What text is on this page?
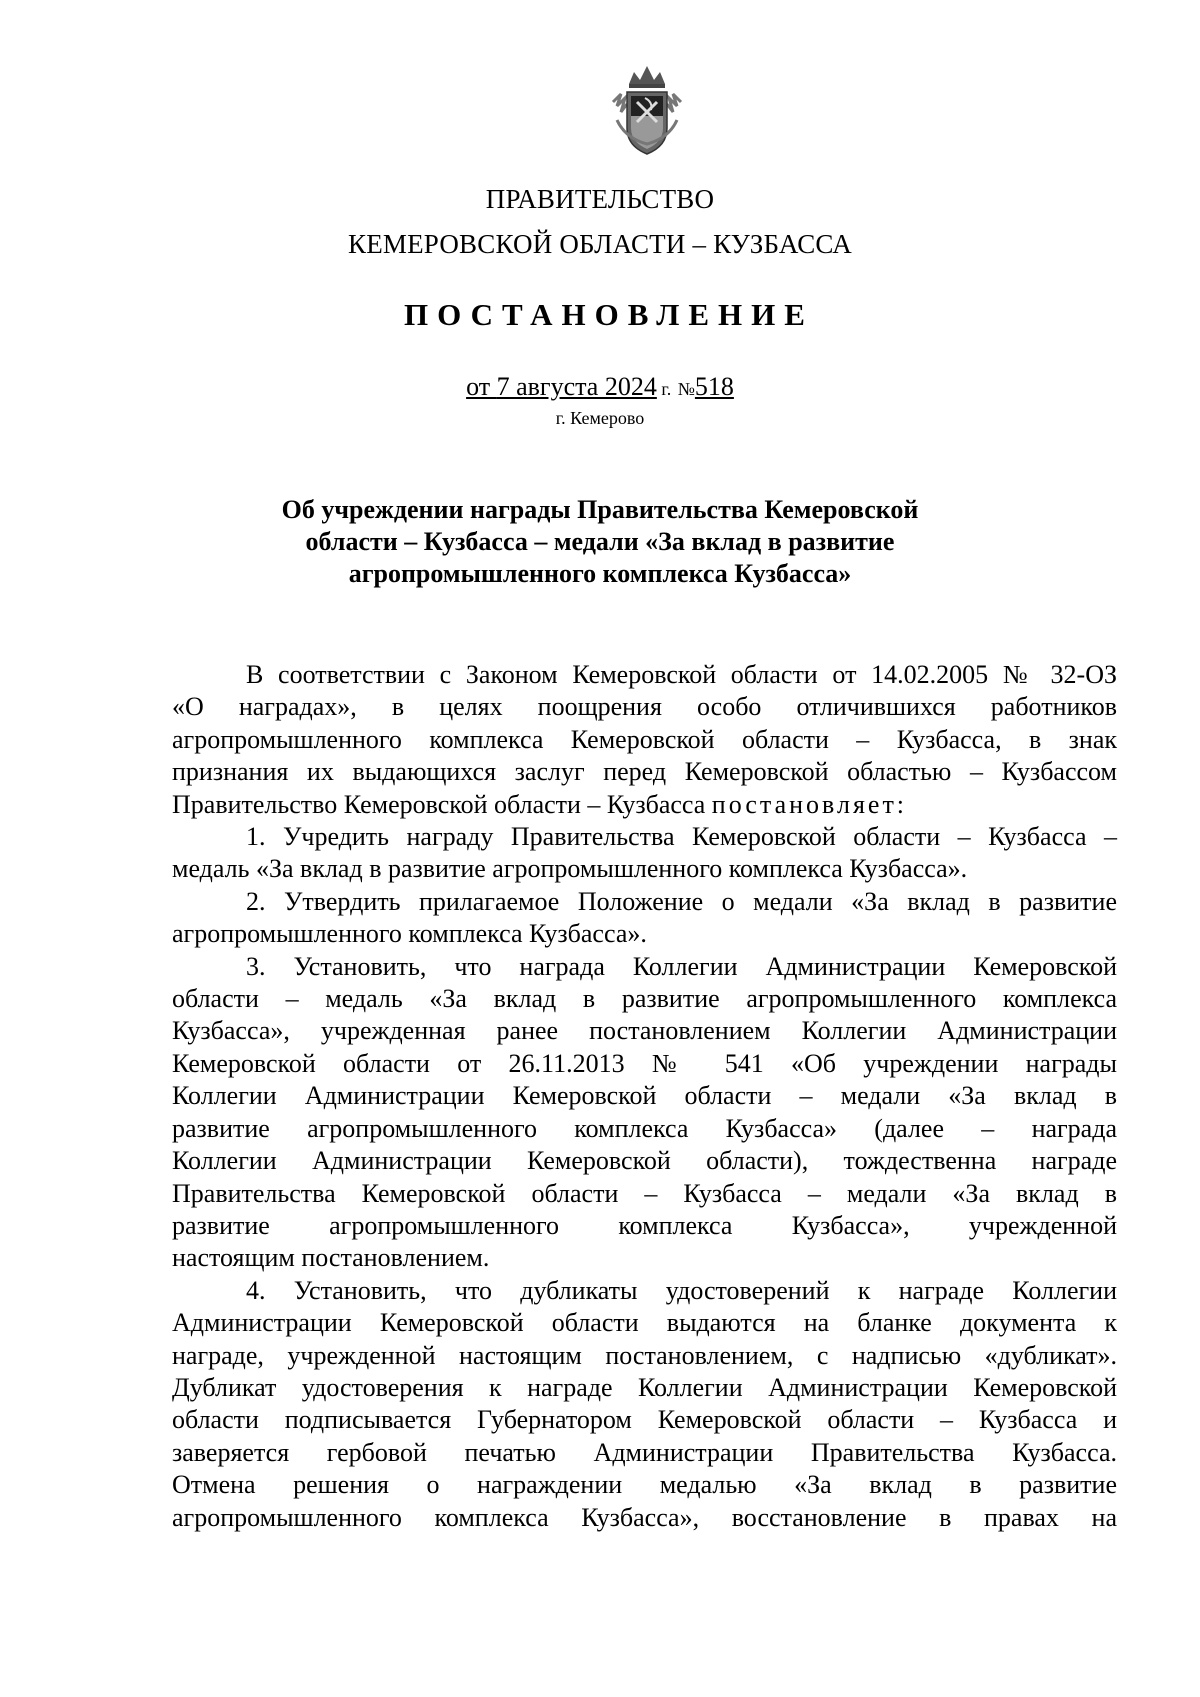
ПРАВИТЕЛЬСТВО
КЕМЕРОВСКОЙ ОБЛАСТИ – КУЗБАССА
ПОСТАНОВЛЕНИЕ
от 7 августа 2024 г. №518
г. Кемерово
Об учреждении награды Правительства Кемеровской
области – Кузбасса – медали «За вклад в развитие
агропромышленного комплекса Кузбасса»
В соответствии с Законом Кемеровской области от 14.02.2005 № 32-ОЗ
«О наградах», в целях поощрения особо отличившихся работников
агропромышленного комплекса Кемеровской области – Кузбасса, в знак
признания их выдающихся заслуг перед Кемеровской областью – Кузбассом
Правительство Кемеровской области – Кузбасса постановляет:
1. Учредить награду Правительства Кемеровской области – Кузбасса –
медаль «За вклад в развитие агропромышленного комплекса Кузбасса».
2. Утвердить прилагаемое Положение о медали «За вклад в развитие
агропромышленного комплекса Кузбасса».
3. Установить, что награда Коллегии Администрации Кемеровской
области – медаль «За вклад в развитие агропромышленного комплекса
Кузбасса», учрежденная ранее постановлением Коллегии Администрации
Кемеровской области от 26.11.2013 № 541 «Об учреждении награды
Коллегии Администрации Кемеровской области – медали «За вклад в
развитие агропромышленного комплекса Кузбасса» (далее – награда
Коллегии Администрации Кемеровской области), тождественна награде
Правительства Кемеровской области – Кузбасса – медали «За вклад в
развитие агропромышленного комплекса Кузбасса», учрежденной
настоящим постановлением.
4. Установить, что дубликаты удостоверений к награде Коллегии
Администрации Кемеровской области выдаются на бланке документа к
награде, учрежденной настоящим постановлением, с надписью «дубликат».
Дубликат удостоверения к награде Коллегии Администрации Кемеровской
области подписывается Губернатором Кемеровской области – Кузбасса и
заверяется гербовой печатью Администрации Правительства Кузбасса.
Отмена решения о награждении медалью «За вклад в развитие
агропромышленного комплекса Кузбасса», восстановление в правах на
